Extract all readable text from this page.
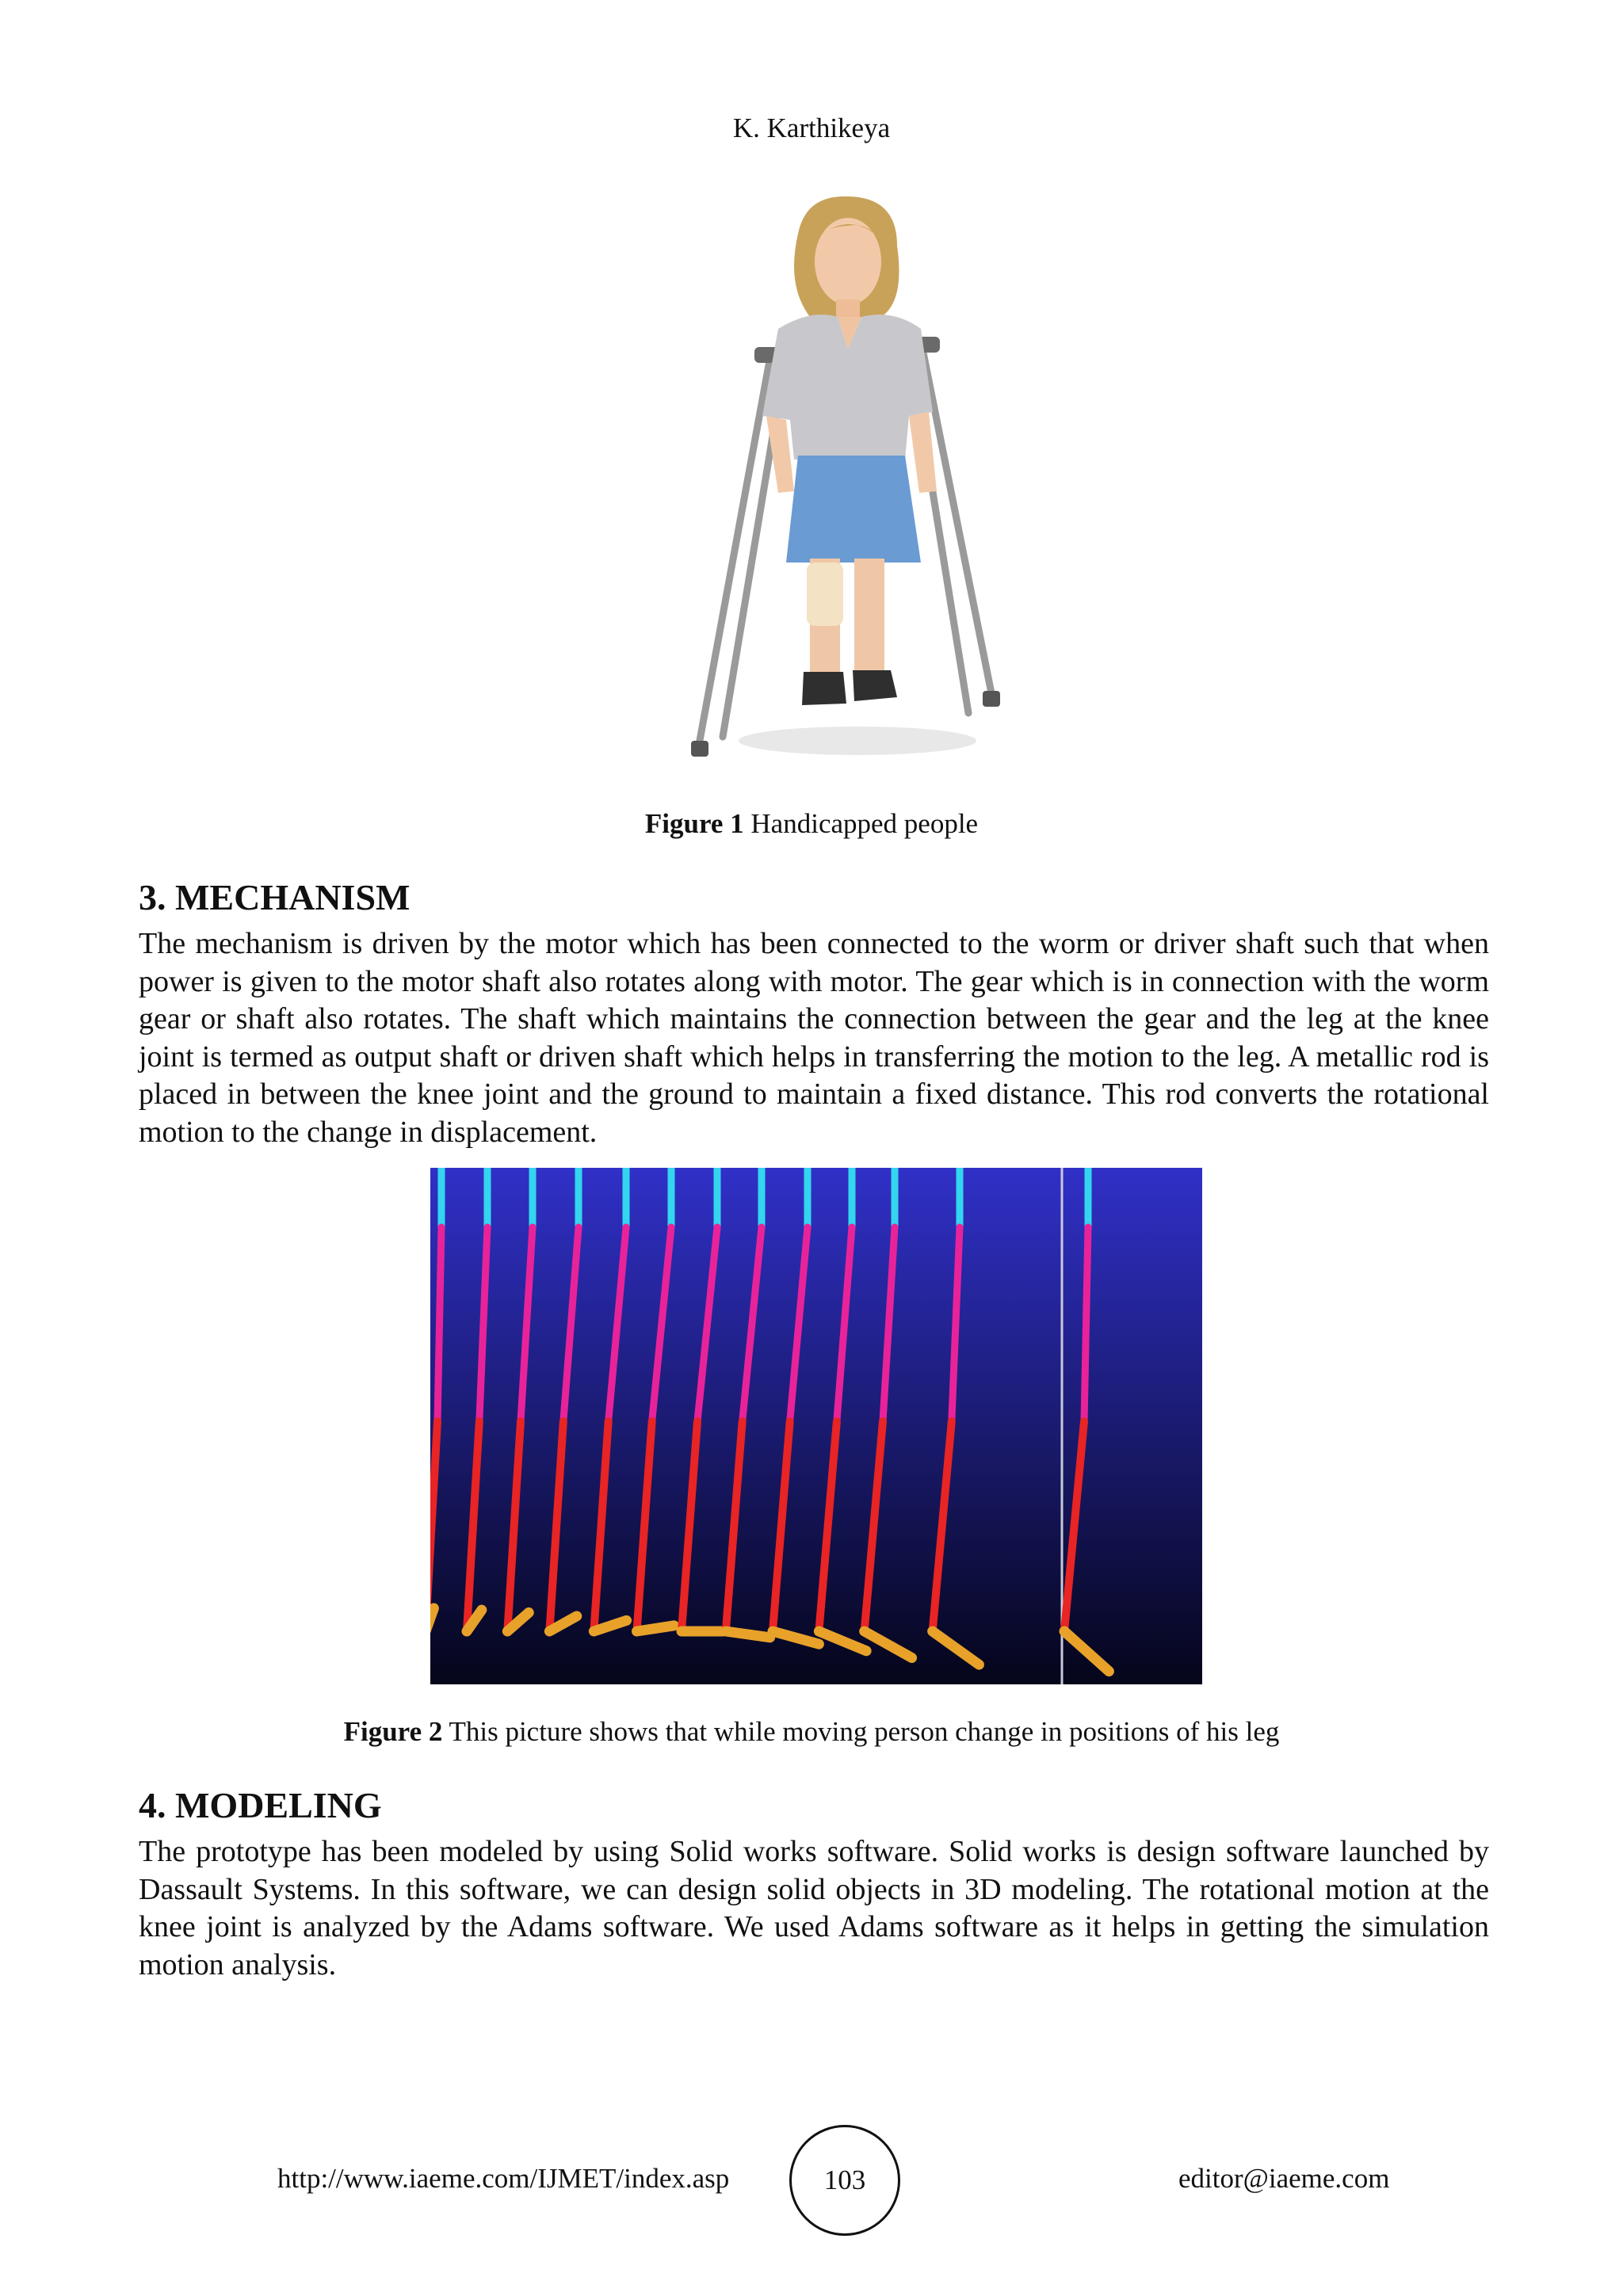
K. Karthikeya
Figure 1 Handicapped people
3. MECHANISM

The mechanism is driven by the motor which has been connected to the worm or driver shaft such that when power is given to the motor shaft also rotates along with motor. The gear which is in connection with the worm gear or shaft also rotates. The shaft which maintains the connection between the gear and the leg at the knee joint is termed as output shaft or driven shaft which helps in transferring the motion to the leg. A metallic rod is placed in between the knee joint and the ground to maintain a fixed distance. This rod converts the rotational motion to the change in displacement.

Figure 2 This picture shows that while moving person change in positions of his leg
4. MODELING

The prototype has been modeled by using Solid works software. Solid works is design software launched by Dassault Systems. In this software, we can design solid objects in 3D modeling. The rotational motion at the knee joint is analyzed by the Adams software. We used Adams software as it helps in getting the simulation motion analysis.

http://www.iaeme.com/IJMET/index.asp	103	editor@iaeme.com
